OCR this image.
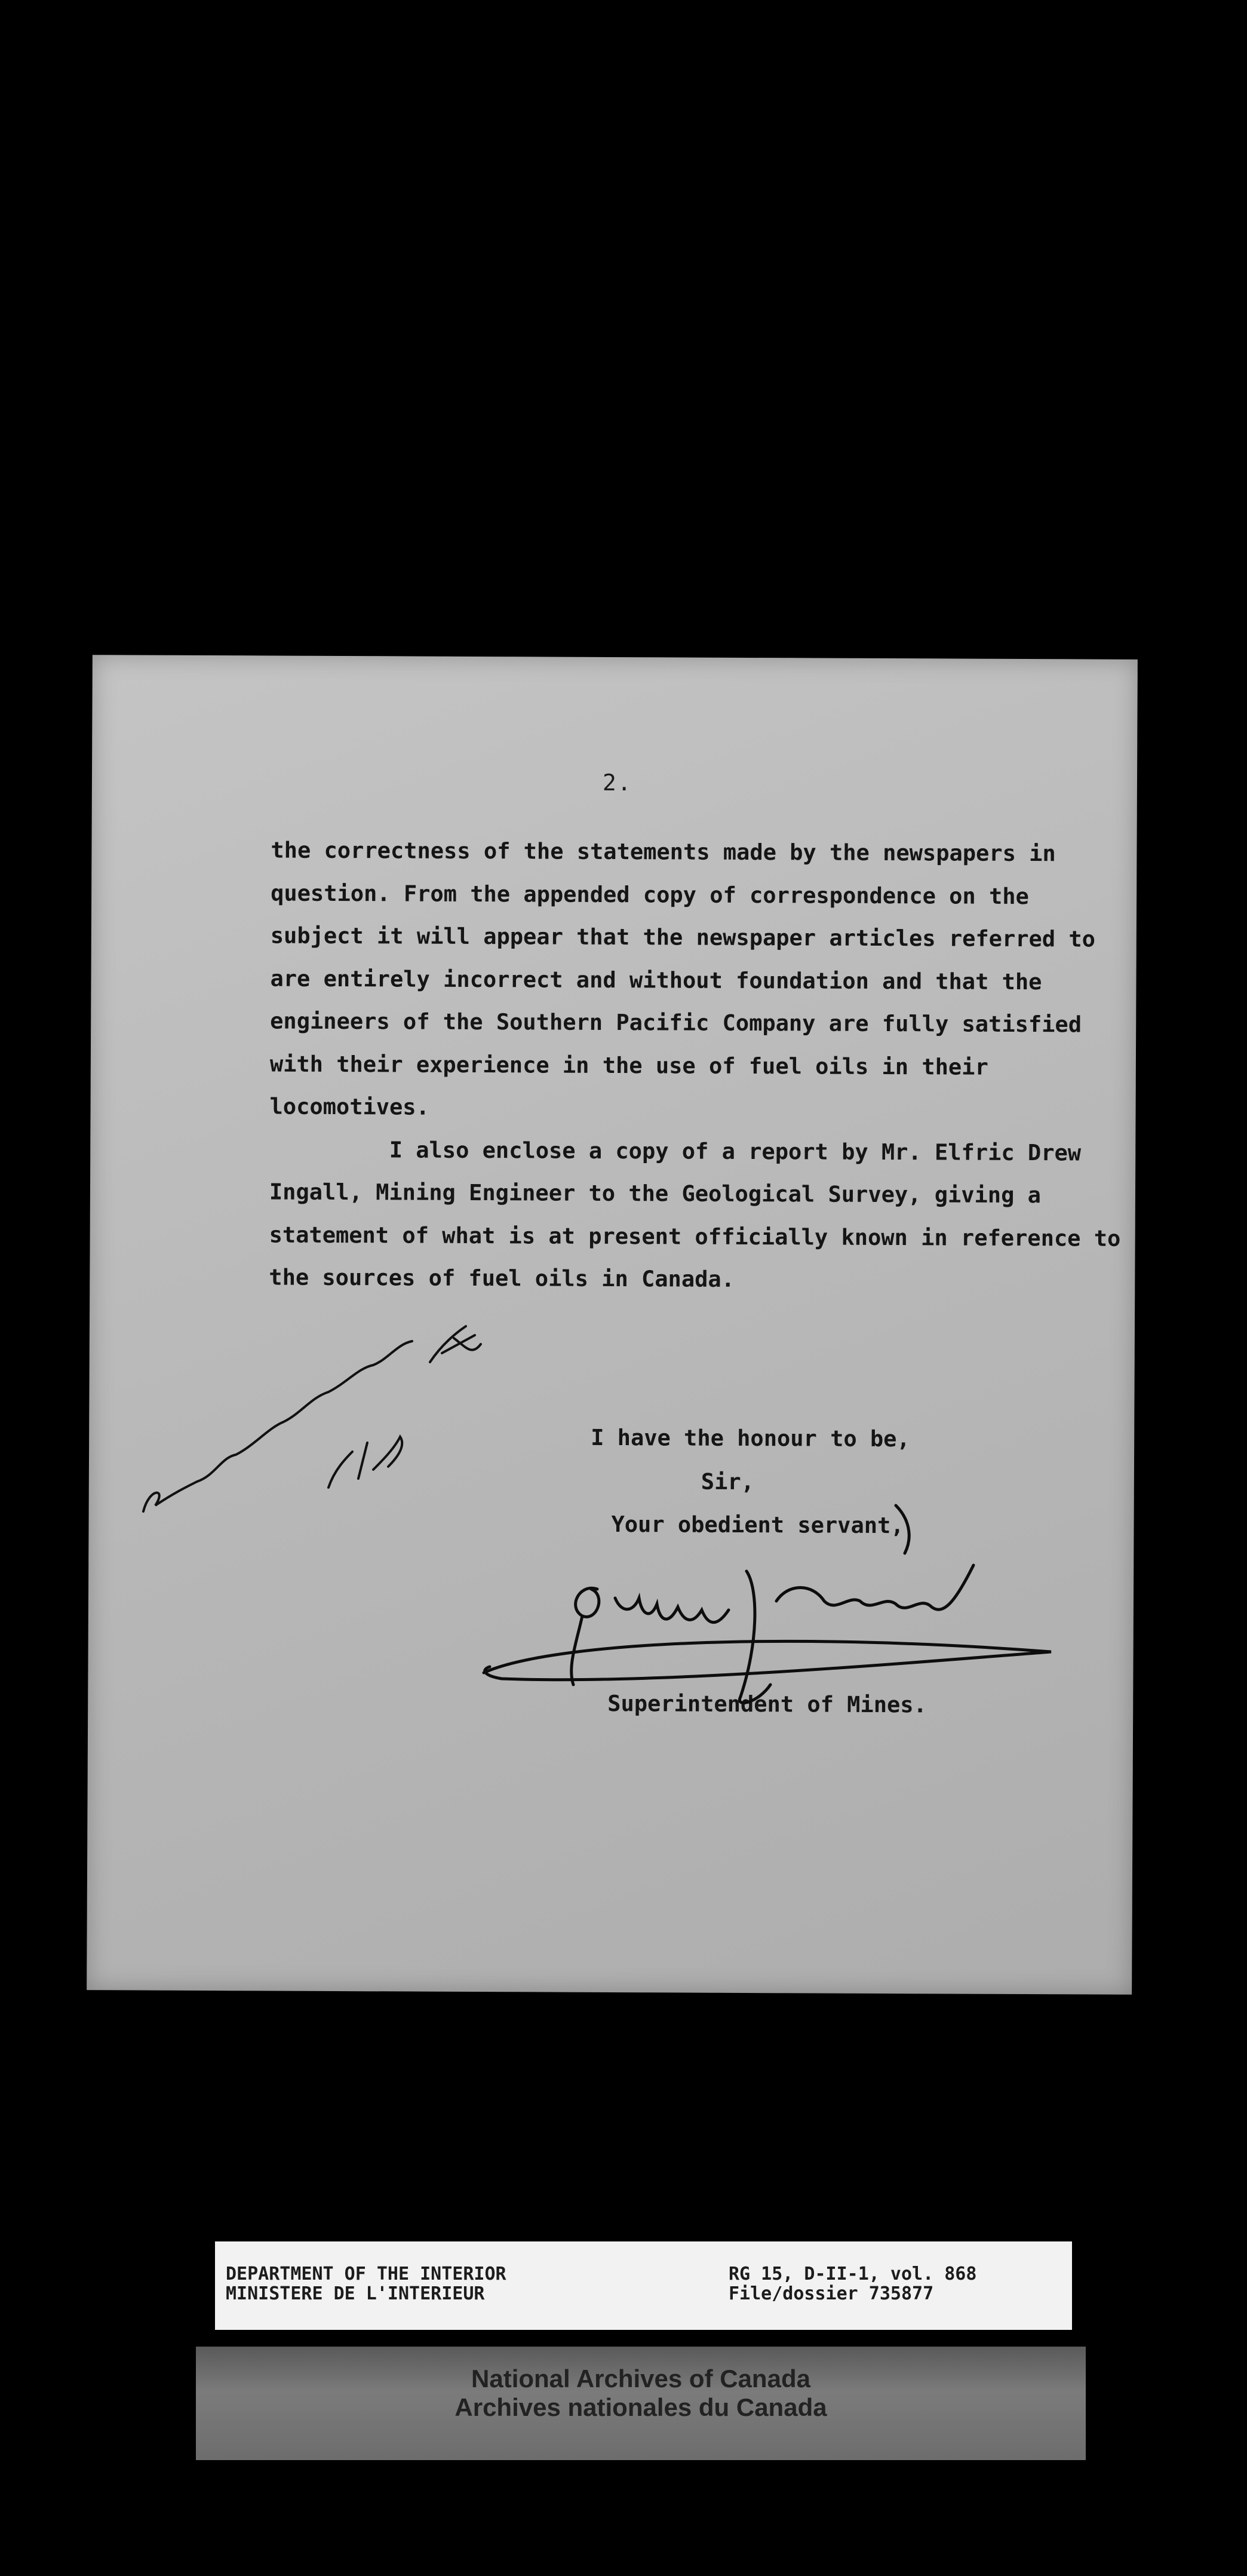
2.

the correctness of the statements made by the newspapers in

question. From the appended copy of correspondence on the

subject it will appear that the newspaper articles referred to

are entirely incorrect and without foundation and that the

engineers of the Southern Pacific Company are fully satisfied

with their experience in the use of fuel oils in their

locomotives.

I also enclose a copy of a report by Mr. Elfric Drew

Ingall, Mining Engineer to the Geological Survey, giving a

statement of what is at present officially known in reference to

the sources of fuel oils in Canada.

I have the honour to be,
Sir,
Your obedient servant,
Superintendent of Mines.
DEPARTMENT OF THE INTERIOR
MINISTERE DE L'INTERIEUR
RG 15, D-II-1, vol. 868
File/dossier 735877
National Archives of Canada
Archives nationales du Canada
